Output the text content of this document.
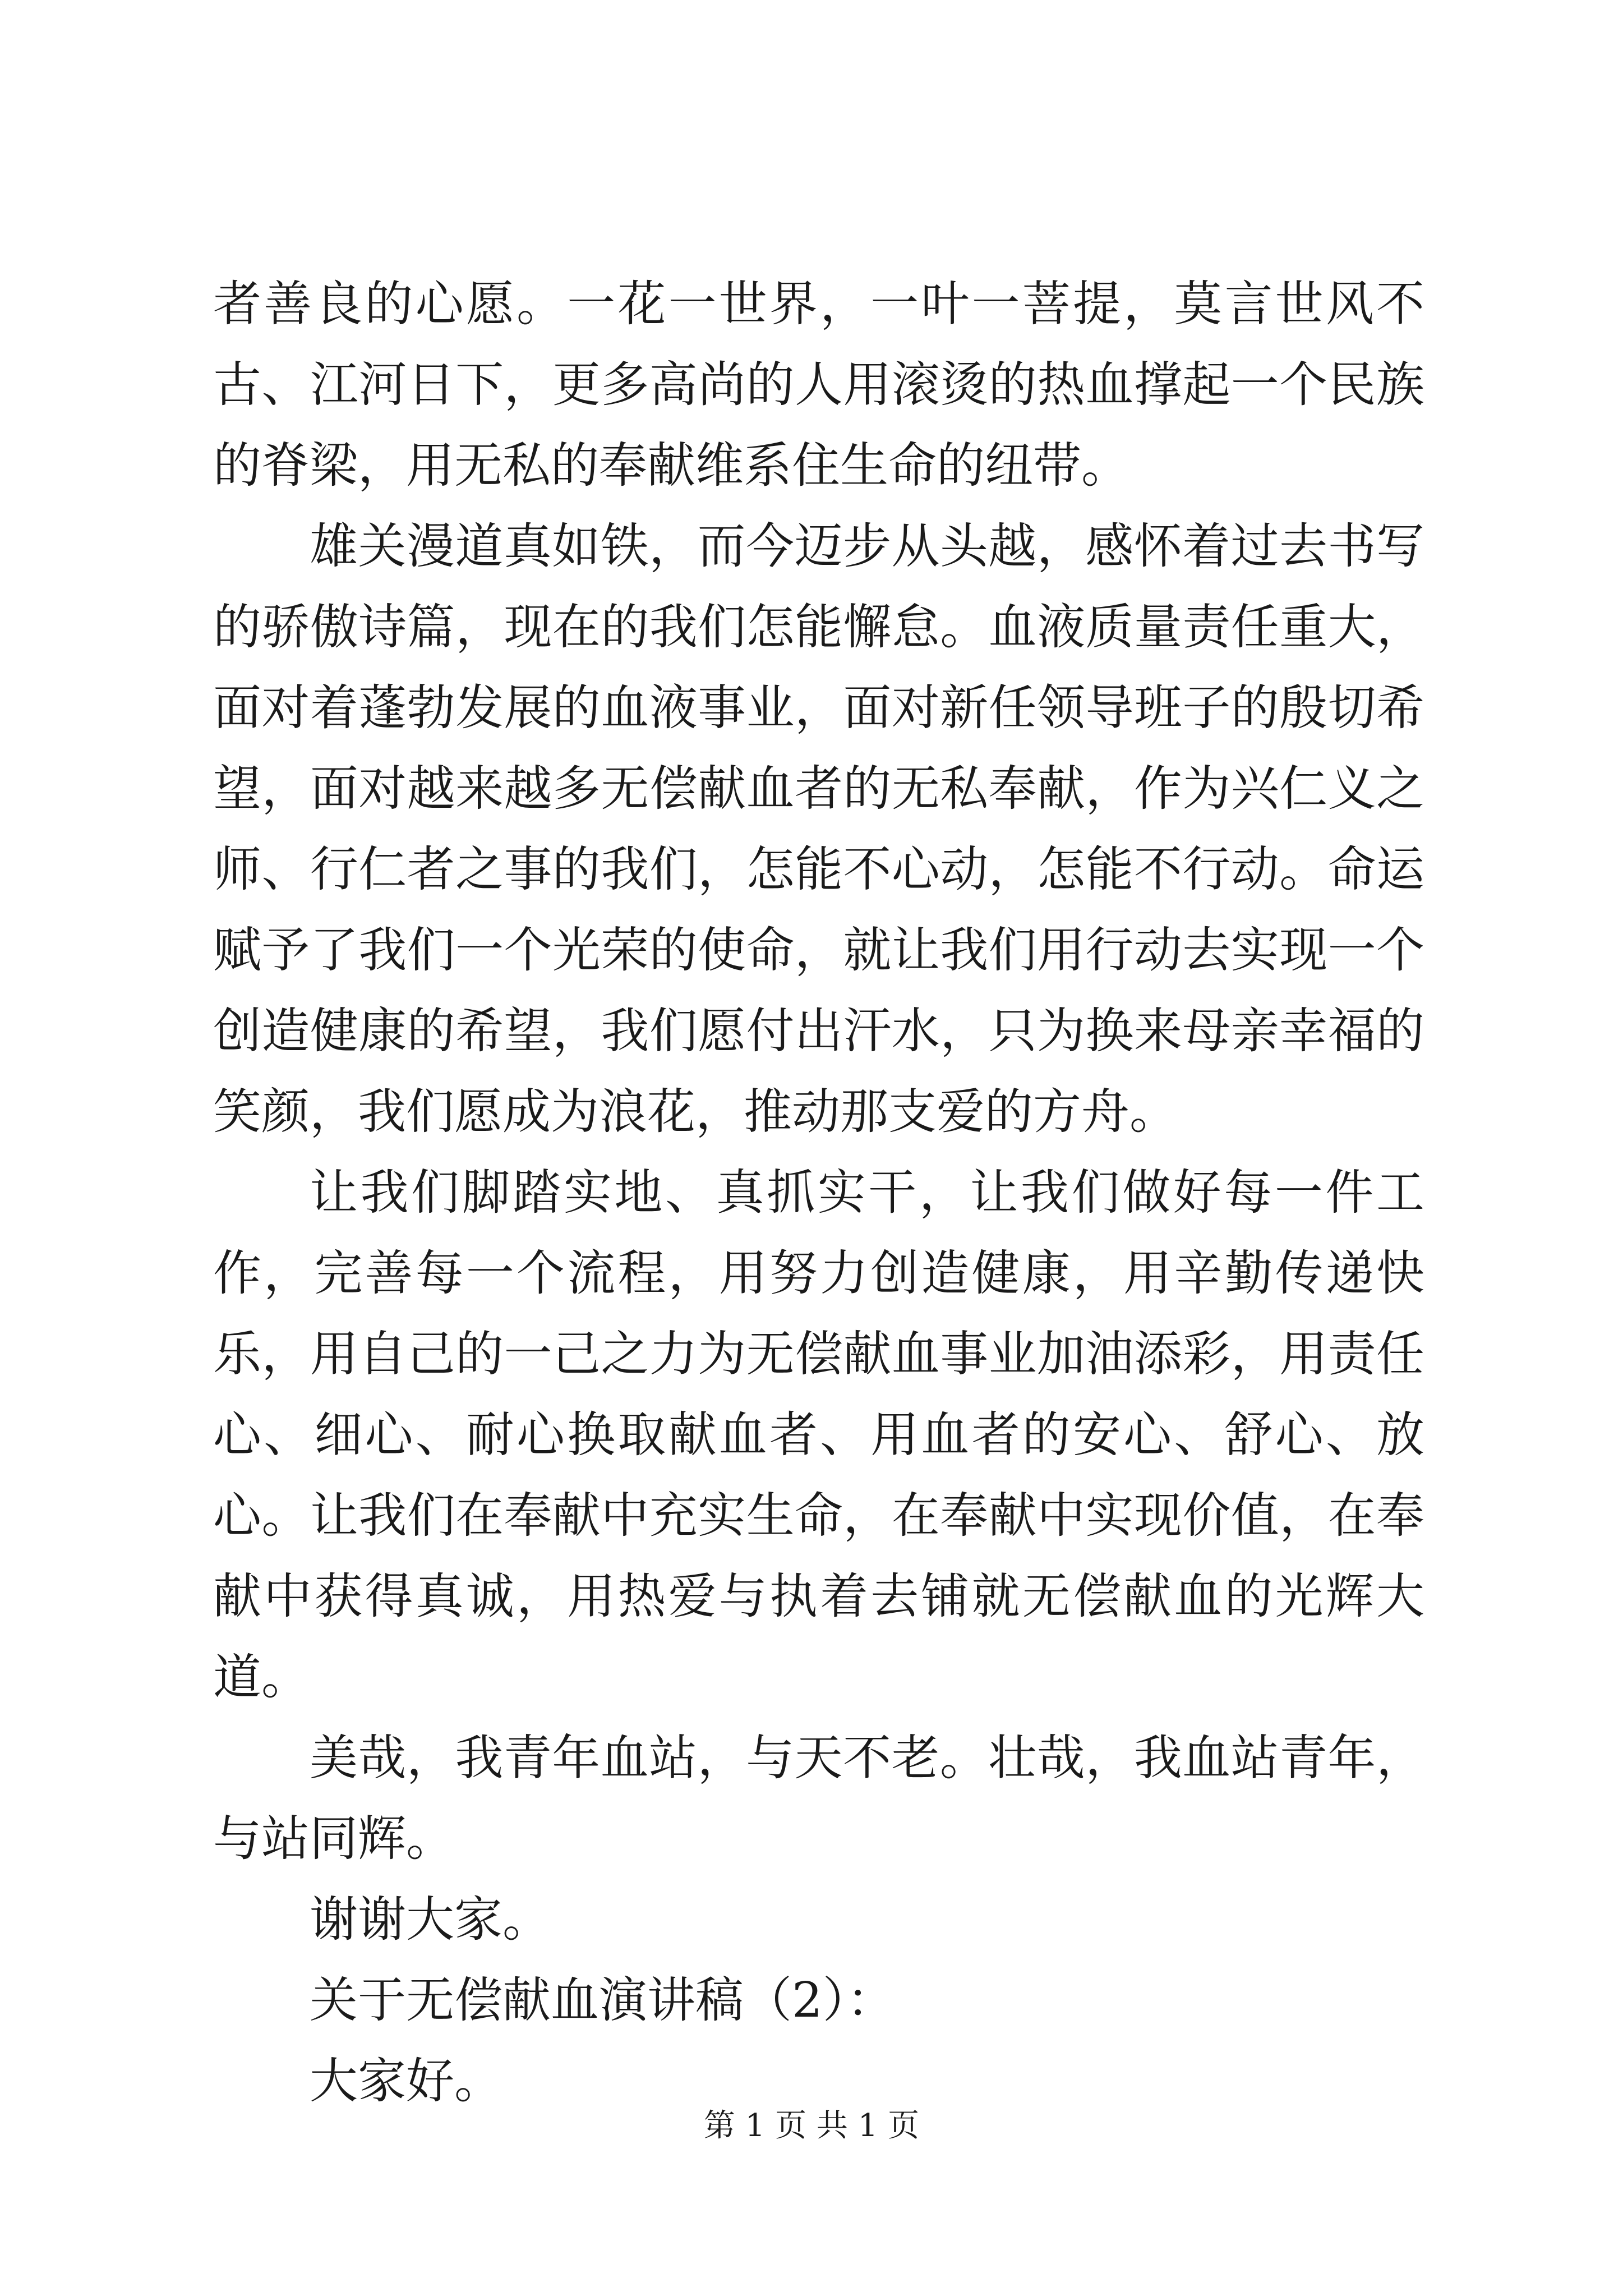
者善良的心愿。一花一世界，一叶一菩提，莫言世风不古、江河日下，更多高尚的人用滚烫的热血撑起一个民族的脊梁，用无私的奉献维系住生命的纽带。

雄关漫道真如铁，而今迈步从头越，感怀着过去书写的骄傲诗篇，现在的我们怎能懈怠。血液质量责任重大，面对着蓬勃发展的血液事业，面对新任领导班子的殷切希望，面对越来越多无偿献血者的无私奉献，作为兴仁义之师、行仁者之事的我们，怎能不心动，怎能不行动。命运赋予了我们一个光荣的使命，就让我们用行动去实现一个创造健康的希望，我们愿付出汗水，只为换来母亲幸福的笑颜，我们愿成为浪花，推动那支爱的方舟。

让我们脚踏实地、真抓实干，让我们做好每一件工作，完善每一个流程，用努力创造健康，用辛勤传递快乐，用自己的一己之力为无偿献血事业加油添彩，用责任心、细心、耐心换取献血者、用血者的安心、舒心、放心。让我们在奉献中充实生命，在奉献中实现价值，在奉献中获得真诚，用热爱与执着去铺就无偿献血的光辉大道。

美哉，我青年血站，与天不老。壮哉，我血站青年，与站同辉。

谢谢大家。

关于无偿献血演讲稿（2）：

大家好。

第 1 页 共 1 页
